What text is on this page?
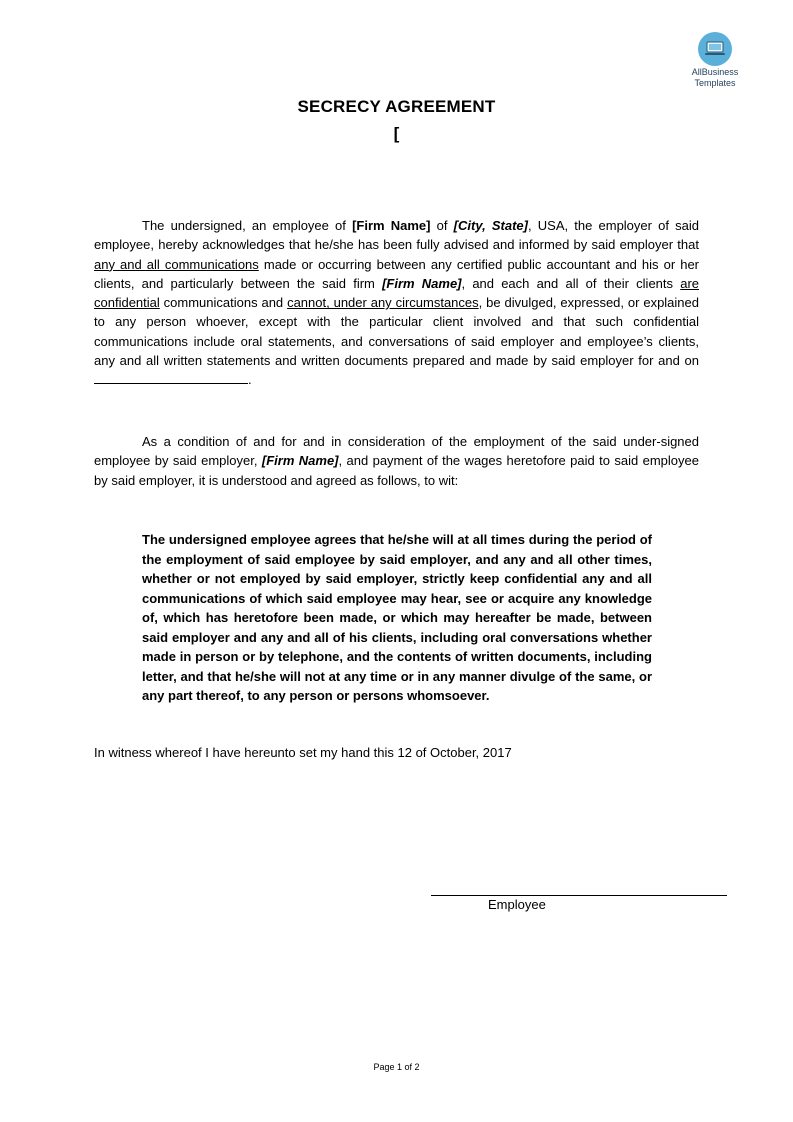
AllBusiness
Templates
SECRECY AGREEMENT
[

The undersigned, an employee of [Firm Name] of [City, State], USA, the employer of said employee, hereby acknowledges that he/she has been fully advised and informed by said employer that any and all communications made or occurring between any certified public accountant and his or her clients, and particularly between the said firm [Firm Name], and each and all of their clients are confidential communications and cannot, under any circumstances, be divulged, expressed, or explained to any person whoever, except with the particular client involved and that such confidential communications include oral statements, and conversations of said employer and employee’s clients, any and all written statements and written documents prepared and made by said employer for and on .

As a condition of and for and in consideration of the employment of the said under-signed employee by said employer, [Firm Name], and payment of the wages heretofore paid to said employee by said employer, it is understood and agreed as follows, to wit:

The undersigned employee agrees that he/she will at all times during the period of the employment of said employee by said employer, and any and all other times, whether or not employed by said employer, strictly keep confidential any and all communications of which said employee may hear, see or acquire any knowledge of, which has heretofore been made, or which may hereafter be made, between said employer and any and all of his clients, including oral conversations whether made in person or by telephone, and the contents of written documents, including letter, and that he/she will not at any time or in any manner divulge of the same, or any part thereof, to any person or persons whomsoever.

In witness whereof I have hereunto set my hand this 12 of October, 2017
Employee
Page 1 of 2
